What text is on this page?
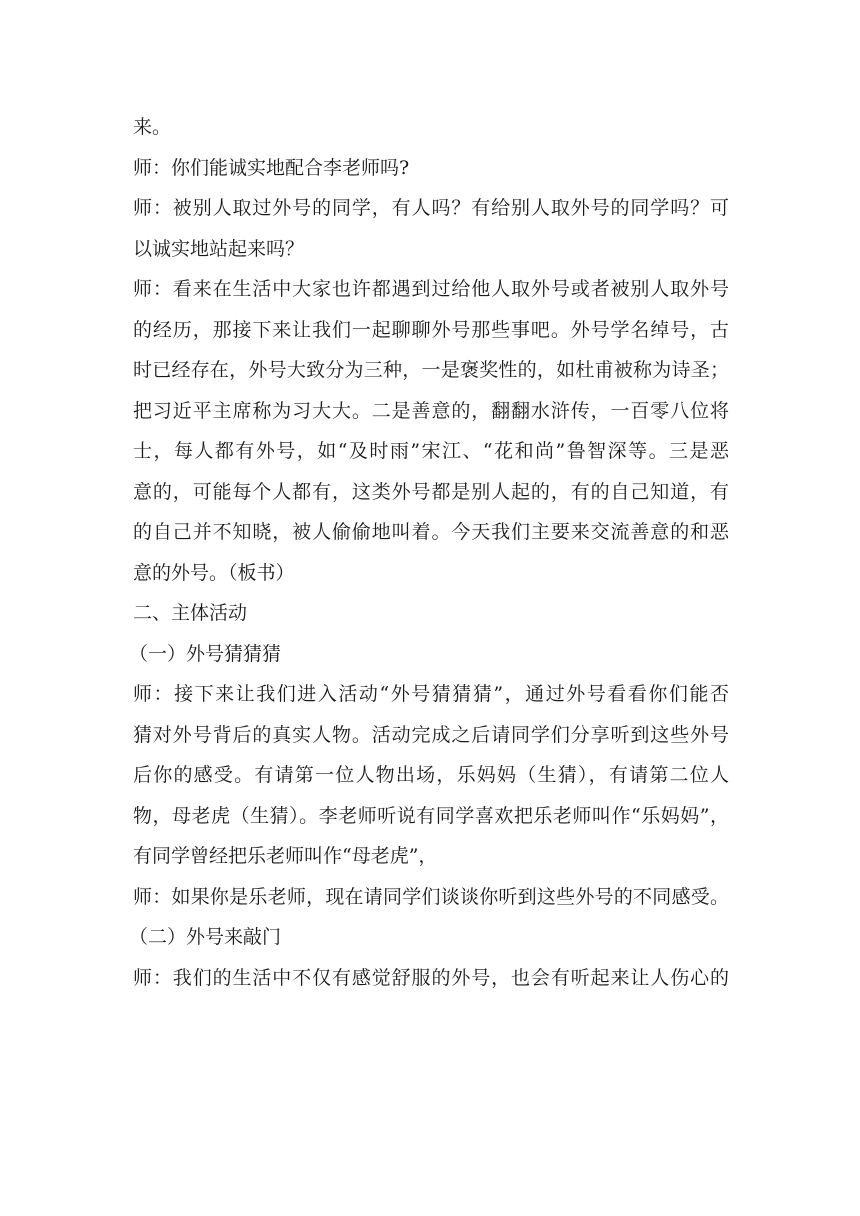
来。
师：你们能诚实地配合李老师吗?
师：被别人取过外号的同学，有人吗？有给别人取外号的同学吗？可
以诚实地站起来吗？
师：看来在生活中大家也许都遇到过给他人取外号或者被别人取外号
的经历，那接下来让我们一起聊聊外号那些事吧。外号学名绰号，古
时已经存在，外号大致分为三种，一是褒奖性的，如杜甫被称为诗圣；
把习近平主席称为习大大。二是善意的，翻翻水浒传，一百零八位将
士，每人都有外号，如“及时雨”宋江、“花和尚”鲁智深等。三是恶
意的，可能每个人都有，这类外号都是别人起的，有的自己知道，有
的自己并不知晓，被人偷偷地叫着。今天我们主要来交流善意的和恶
意的外号。（板书）
二、主体活动
（一）外号猜猜猜
师：接下来让我们进入活动“外号猜猜猜”，通过外号看看你们能否
猜对外号背后的真实人物。活动完成之后请同学们分享听到这些外号
后你的感受。有请第一位人物出场，乐妈妈（生猜），有请第二位人
物，母老虎（生猜）。李老师听说有同学喜欢把乐老师叫作“乐妈妈”，
有同学曾经把乐老师叫作“母老虎”，
师：如果你是乐老师，现在请同学们谈谈你听到这些外号的不同感受。
（二）外号来敲门
师：我们的生活中不仅有感觉舒服的外号，也会有听起来让人伤心的
